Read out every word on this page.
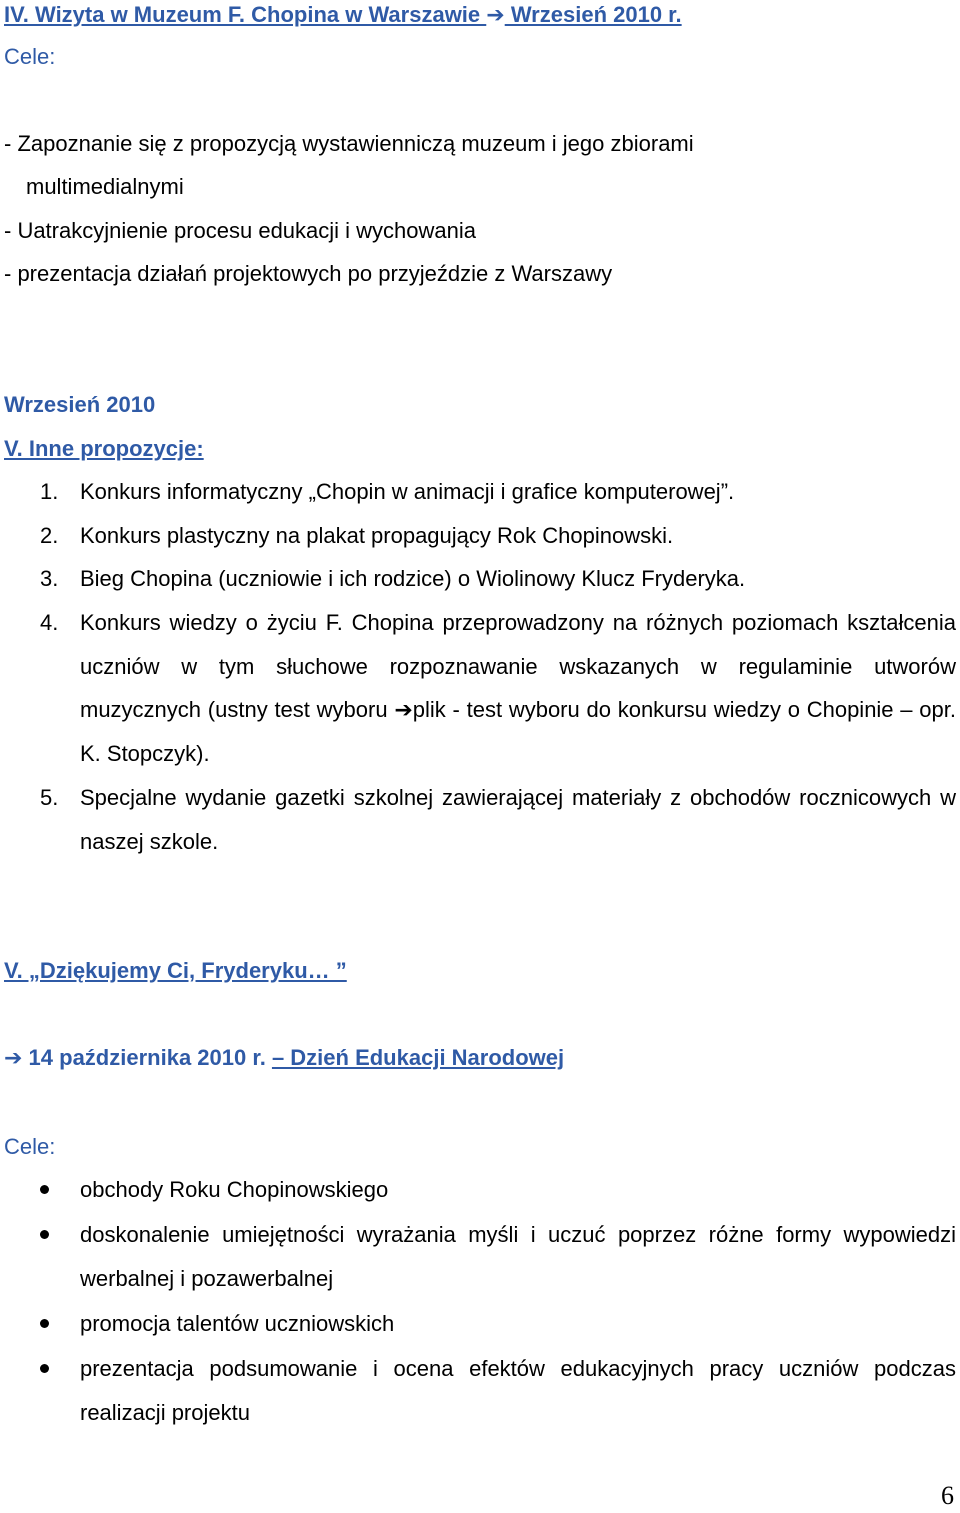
IV. Wizyta w Muzeum F. Chopina w Warszawie ➔ Wrzesień 2010 r.
Cele:
- Zapoznanie się z propozycją wystawienniczą muzeum i jego zbiorami
multimedialnymi
- Uatrakcyjnienie procesu edukacji i wychowania
- prezentacja działań projektowych po przyjeździe z Warszawy
Wrzesień 2010
V. Inne propozycje:
1. Konkurs informatyczny „Chopin w animacji i grafice komputerowej”.
2. Konkurs plastyczny na plakat propagujący Rok Chopinowski.
3. Bieg Chopina (uczniowie i ich rodzice) o Wiolinowy Klucz Fryderyka.
4. Konkurs wiedzy o życiu F. Chopina przeprowadzony na różnych poziomach kształcenia uczniów w tym słuchowe rozpoznawanie wskazanych w regulaminie utworów muzycznych (ustny test wyboru ➔plik - test wyboru do konkursu wiedzy o Chopinie – opr. K. Stopczyk).
5. Specjalne wydanie gazetki szkolnej zawierającej materiały z obchodów rocznicowych w naszej szkole.
V. „Dziękujemy Ci, Fryderyku… ”
➔ 14 października 2010 r. – Dzień Edukacji Narodowej
Cele:
obchody Roku Chopinowskiego
doskonalenie umiejętności wyrażania myśli i uczuć poprzez różne formy wypowiedzi werbalnej i pozawerbalnej
promocja talentów uczniowskich
prezentacja podsumowanie i ocena efektów edukacyjnych pracy uczniów podczas realizacji projektu
6
